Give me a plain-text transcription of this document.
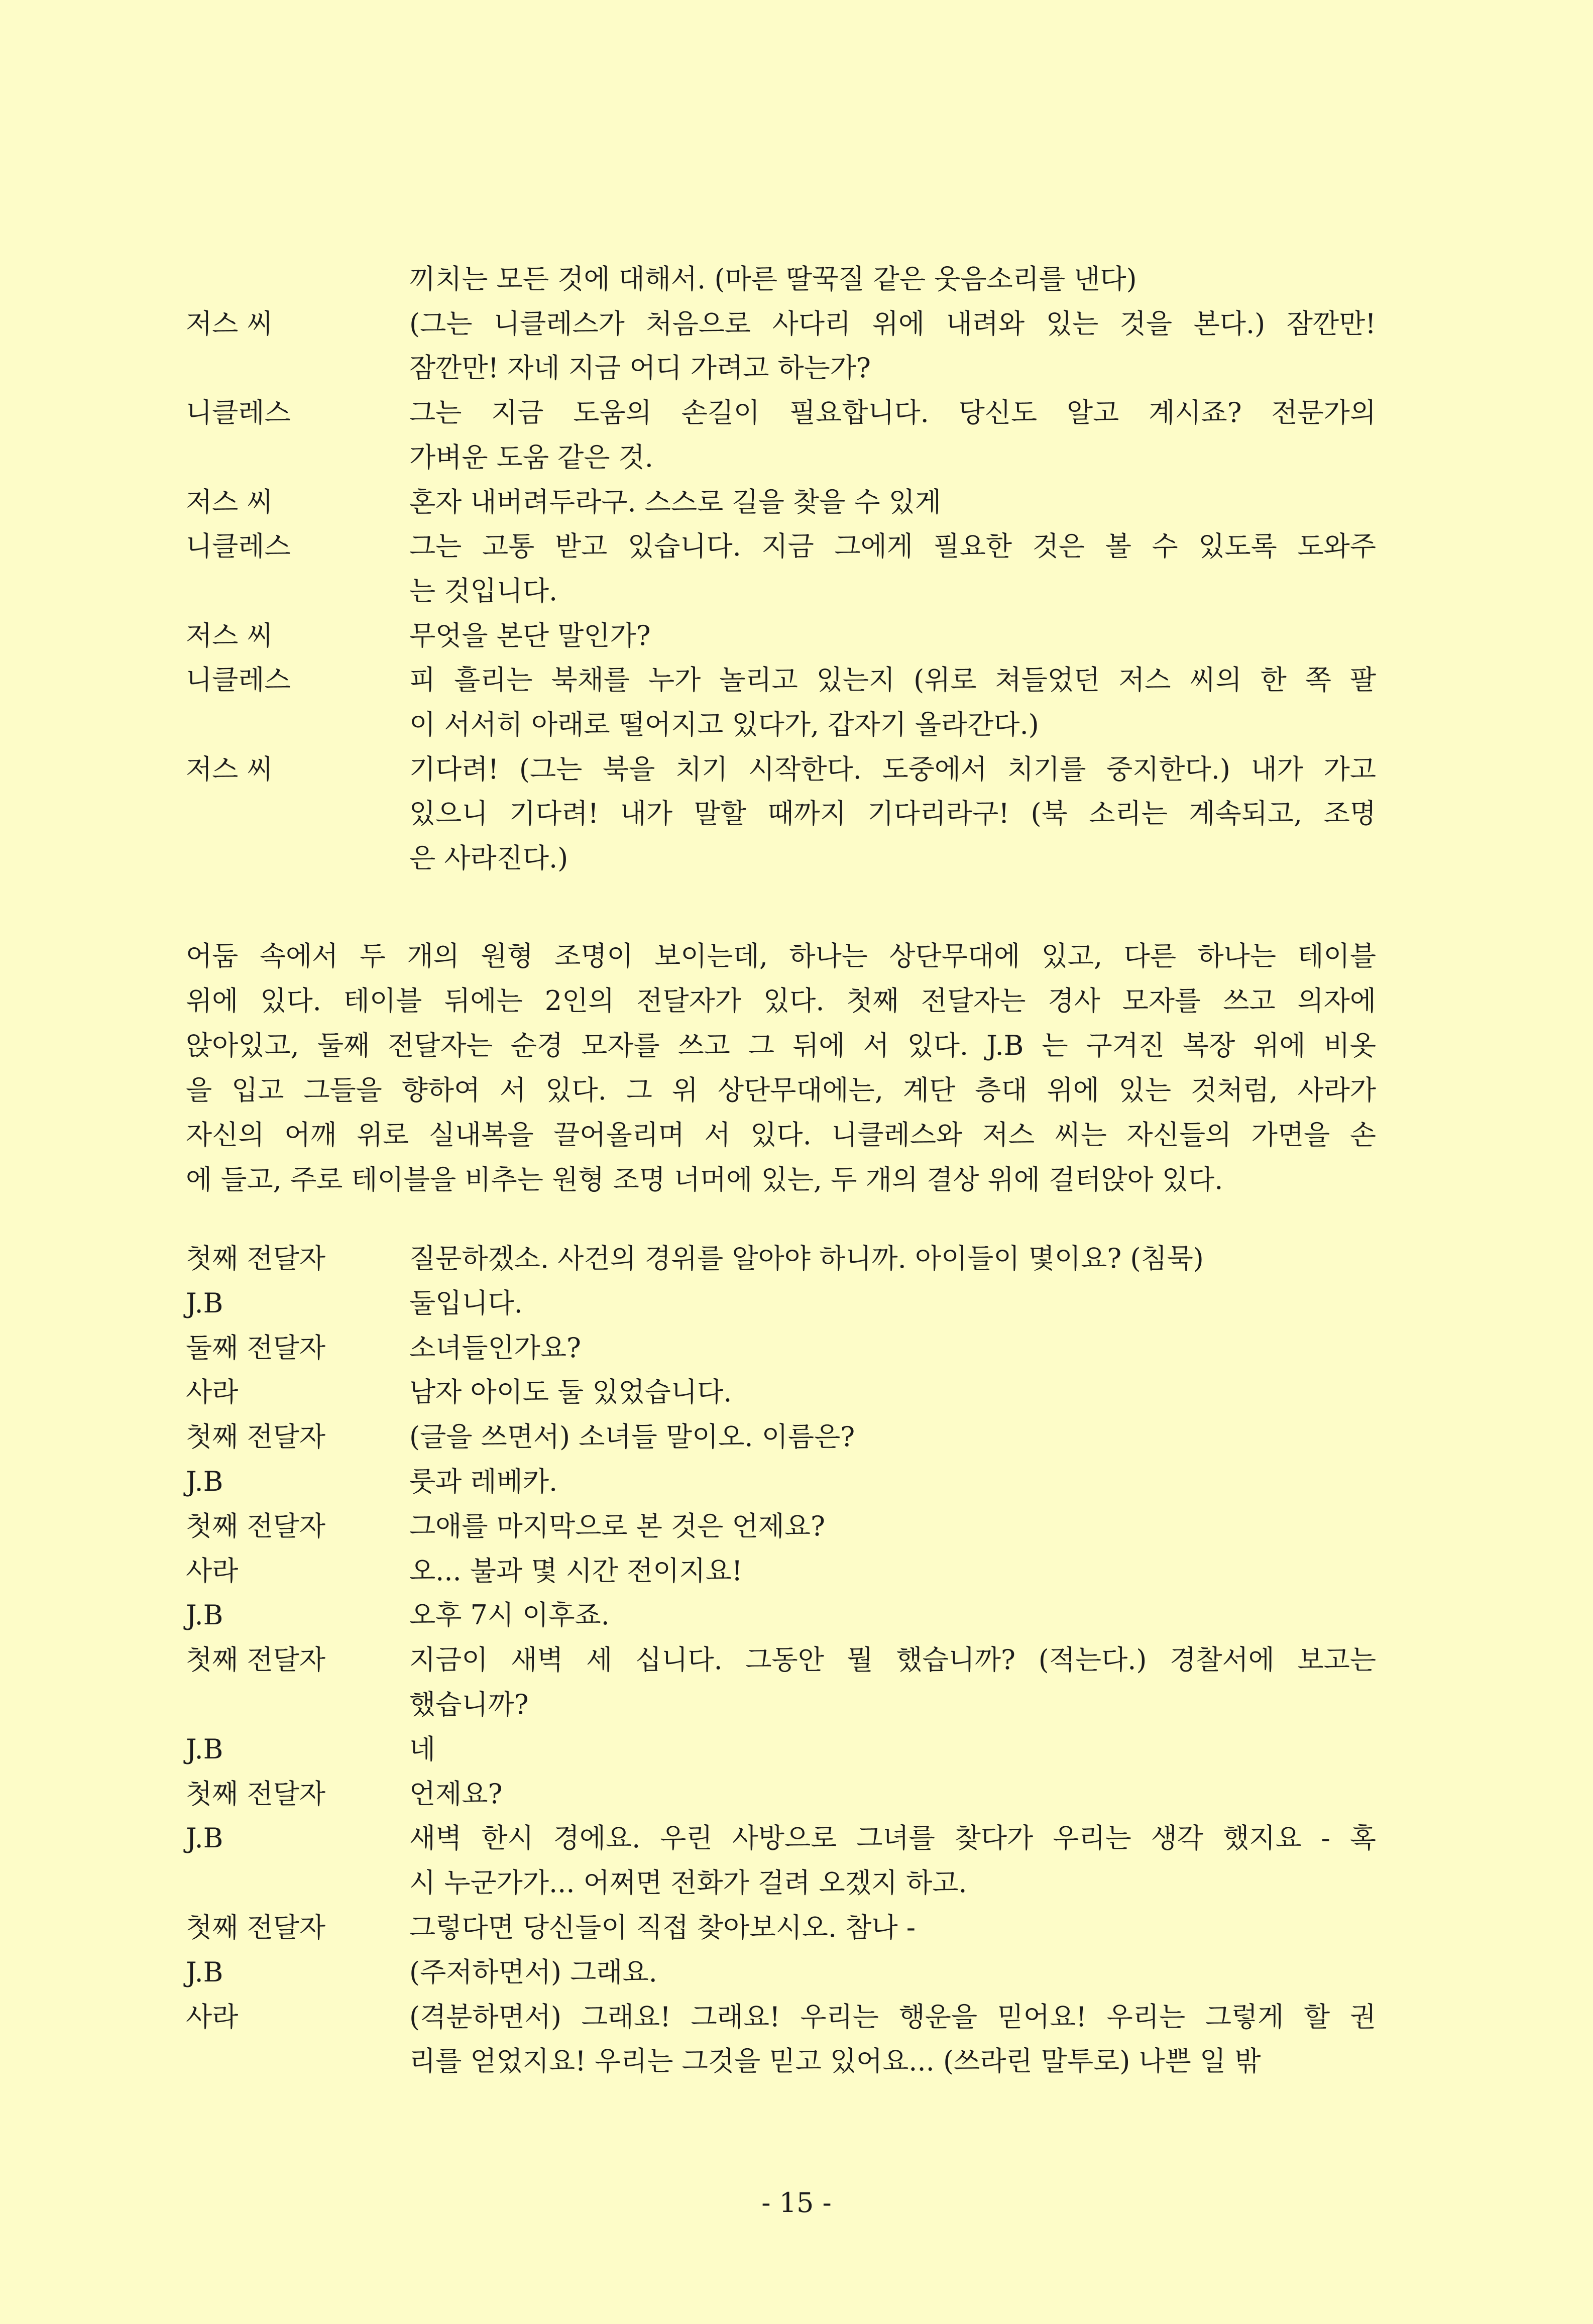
끼치는 모든 것에 대해서. (마른 딸꾹질 같은 웃음소리를 낸다)
저스 씨	(그는 니클레스가 처음으로 사다리 위에 내려와 있는 것을 본다.) 잠깐만!
잠깐만! 자네 지금 어디 가려고 하는가?
니클레스	그는 지금 도움의 손길이 필요합니다. 당신도 알고 계시죠? 전문가의
가벼운 도움 같은 것.
저스 씨	혼자 내버려두라구. 스스로 길을 찾을 수 있게
니클레스	그는 고통 받고 있습니다. 지금 그에게 필요한 것은 볼 수 있도록 도와주
는 것입니다.
저스 씨	무엇을 본단 말인가?
니클레스	피 흘리는 북채를 누가 놀리고 있는지 (위로 쳐들었던 저스 씨의 한 쪽 팔
이 서서히 아래로 떨어지고 있다가, 갑자기 올라간다.)
저스 씨	기다려! (그는 북을 치기 시작한다. 도중에서 치기를 중지한다.) 내가 가고
있으니 기다려! 내가 말할 때까지 기다리라구! (북 소리는 계속되고, 조명
은 사라진다.)
어둠 속에서 두 개의 원형 조명이 보이는데, 하나는 상단무대에 있고, 다른 하나는 테이블
위에 있다. 테이블 뒤에는 2인의 전달자가 있다. 첫째 전달자는 경사 모자를 쓰고 의자에
앉아있고, 둘째 전달자는 순경 모자를 쓰고 그 뒤에 서 있다. J.B 는 구겨진 복장 위에 비옷
을 입고 그들을 향하여 서 있다. 그 위 상단무대에는, 계단 층대 위에 있는 것처럼, 사라가
자신의 어깨 위로 실내복을 끌어올리며 서 있다. 니클레스와 저스 씨는 자신들의 가면을 손
에 들고, 주로 테이블을 비추는 원형 조명 너머에 있는, 두 개의 결상 위에 걸터앉아 있다.
첫째 전달자	질문하겠소. 사건의 경위를 알아야 하니까. 아이들이 몇이요? (침묵)
J.B	둘입니다.
둘째 전달자	소녀들인가요?
사라	남자 아이도 둘 있었습니다.
첫째 전달자	(글을 쓰면서) 소녀들 말이오. 이름은?
J.B	룻과 레베카.
첫째 전달자	그애를 마지막으로 본 것은 언제요?
사라	오... 불과 몇 시간 전이지요!
J.B	오후 7시 이후죠.
첫째 전달자	지금이 새벽 세 십니다. 그동안 뭘 했습니까? (적는다.) 경찰서에 보고는
했습니까?
J.B	네
첫째 전달자	언제요?
J.B	새벽 한시 경에요. 우린 사방으로 그녀를 찾다가 우리는 생각 했지요 - 혹
시 누군가가... 어쩌면 전화가 걸려 오겠지 하고.
첫째 전달자	그렇다면 당신들이 직접 찾아보시오. 참나 -
J.B	(주저하면서) 그래요.
사라	(격분하면서) 그래요! 그래요! 우리는 행운을 믿어요! 우리는 그렇게 할 권
리를 얻었지요! 우리는 그것을 믿고 있어요... (쓰라린 말투로) 나쁜 일 밖
- 15 -
